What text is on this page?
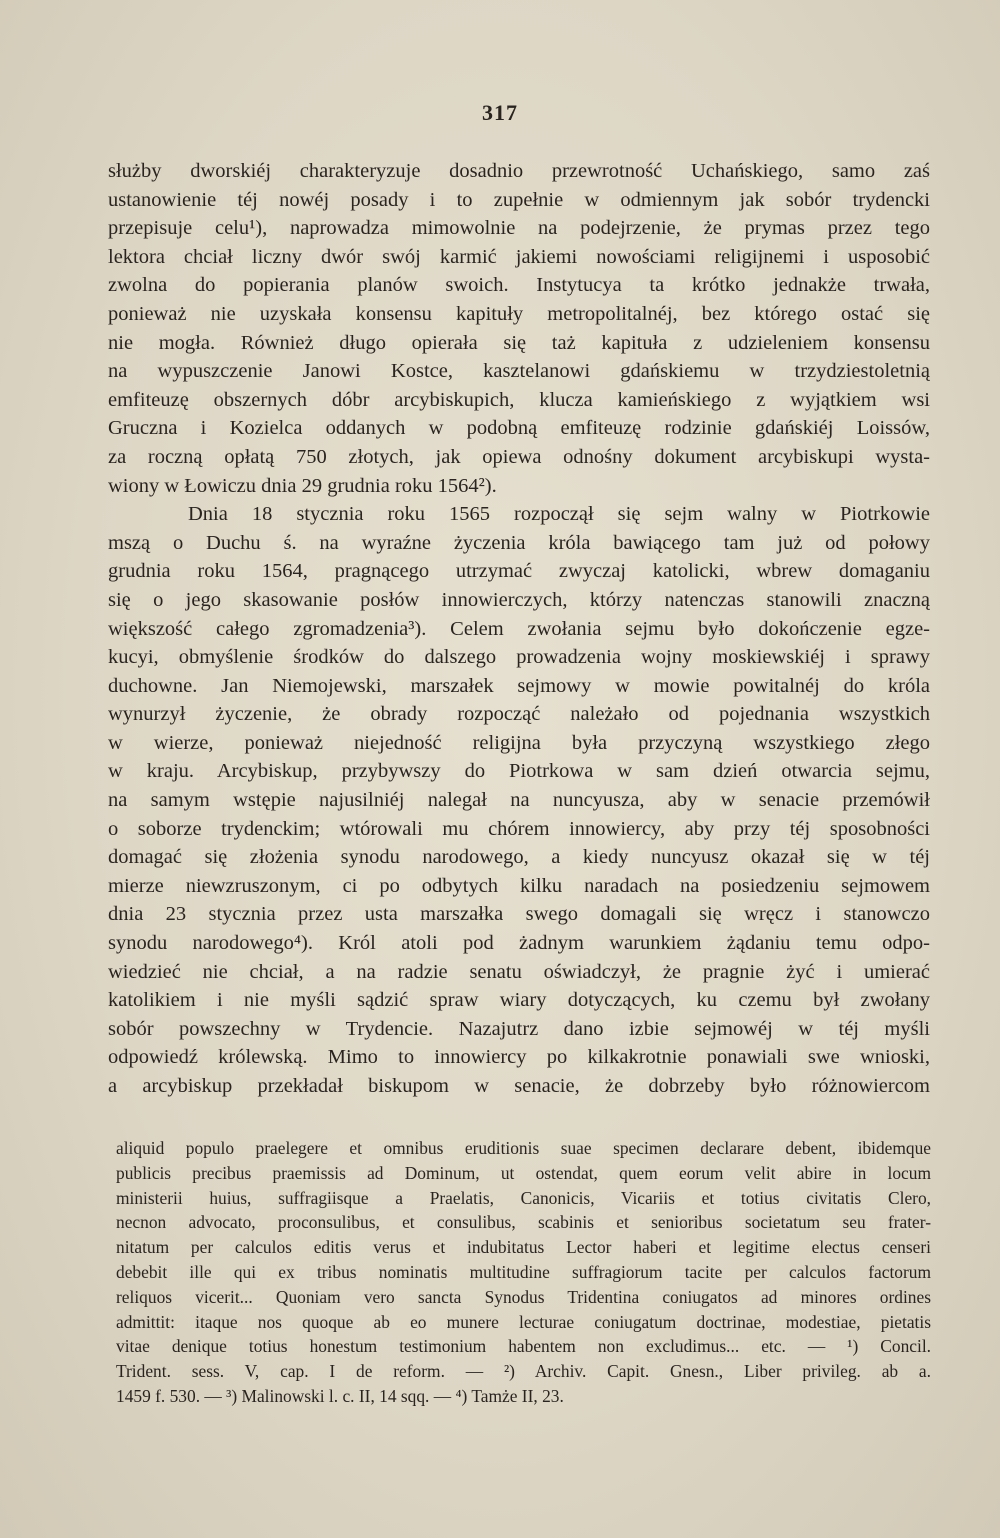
317
służby dworskiéj charakteryzuje dosadnio przewrotność Uchańskiego, samo zaś
ustanowienie téj nowéj posady i to zupełnie w odmiennym jak sobór trydencki
przepisuje celu¹), naprowadza mimowolnie na podejrzenie, że prymas przez tego
lektora chciał liczny dwór swój karmić jakiemi nowościami religijnemi i usposobić
zwolna do popierania planów swoich. Instytucya ta krótko jednakże trwała,
ponieważ nie uzyskała konsensu kapituły metropolitalnéj, bez którego ostać się
nie mogła. Również długo opierała się taż kapituła z udzieleniem konsensu
na wypuszczenie Janowi Kostce, kasztelanowi gdańskiemu w trzydziestoletnią
emfiteuzę obszernych dóbr arcybiskupich, klucza kamieńskiego z wyjątkiem wsi
Gruczna i Kozielca oddanych w podobną emfiteuzę rodzinie gdańskiéj Loissów,
za roczną opłatą 750 złotych, jak opiewa odnośny dokument arcybiskupi wysta-
wiony w Łowiczu dnia 29 grudnia roku 1564²).
Dnia 18 stycznia roku 1565 rozpoczął się sejm walny w Piotrkowie
mszą o Duchu ś. na wyraźne życzenia króla bawiącego tam już od połowy
grudnia roku 1564, pragnącego utrzymać zwyczaj katolicki, wbrew domaganiu
się o jego skasowanie posłów innowierczych, którzy natenczas stanowili znaczną
większość całego zgromadzenia³). Celem zwołania sejmu było dokończenie egze-
kucyi, obmyślenie środków do dalszego prowadzenia wojny moskiewskiéj i sprawy
duchowne. Jan Niemojewski, marszałek sejmowy w mowie powitalnéj do króla
wynurzył życzenie, że obrady rozpocząć należało od pojednania wszystkich
w wierze, ponieważ niejedność religijna była przyczyną wszystkiego złego
w kraju. Arcybiskup, przybywszy do Piotrkowa w sam dzień otwarcia sejmu,
na samym wstępie najusilniéj nalegał na nuncyusza, aby w senacie przemówił
o soborze trydenckim; wtórowali mu chórem innowiercy, aby przy téj sposobności
domagać się złożenia synodu narodowego, a kiedy nuncyusz okazał się w téj
mierze niewzruszonym, ci po odbytych kilku naradach na posiedzeniu sejmowem
dnia 23 stycznia przez usta marszałka swego domagali się wręcz i stanowczo
synodu narodowego⁴). Król atoli pod żadnym warunkiem żądaniu temu odpo-
wiedzieć nie chciał, a na radzie senatu oświadczył, że pragnie żyć i umierać
katolikiem i nie myśli sądzić spraw wiary dotyczących, ku czemu był zwołany
sobór powszechny w Trydencie. Nazajutrz dano izbie sejmowéj w téj myśli
odpowiedź królewską. Mimo to innowiercy po kilkakrotnie ponawiali swe wnioski,
a arcybiskup przekładał biskupom w senacie, że dobrzeby było różnowiercom
aliquid populo praelegere et omnibus eruditionis suae specimen declarare debent, ibidemque
publicis precibus praemissis ad Dominum, ut ostendat, quem eorum velit abire in locum
ministerii huius, suffragiisque a Praelatis, Canonicis, Vicariis et totius civitatis Clero,
necnon advocato, proconsulibus, et consulibus, scabinis et senioribus societatum seu frater-
nitatum per calculos editis verus et indubitatus Lector haberi et legitime electus censeri
debebit ille qui ex tribus nominatis multitudine suffragiorum tacite per calculos factorum
reliquos vicerit... Quoniam vero sancta Synodus Tridentina coniugatos ad minores ordines
admittit: itaque nos quoque ab eo munere lecturae coniugatum doctrinae, modestiae, pietatis
vitae denique totius honestum testimonium habentem non excludimus... etc. — ¹) Concil.
Trident. sess. V, cap. I de reform. — ²) Archiv. Capit. Gnesn., Liber privileg. ab a.
1459 f. 530. — ³) Malinowski l. c. II, 14 sqq. — ⁴) Tamże II, 23.
